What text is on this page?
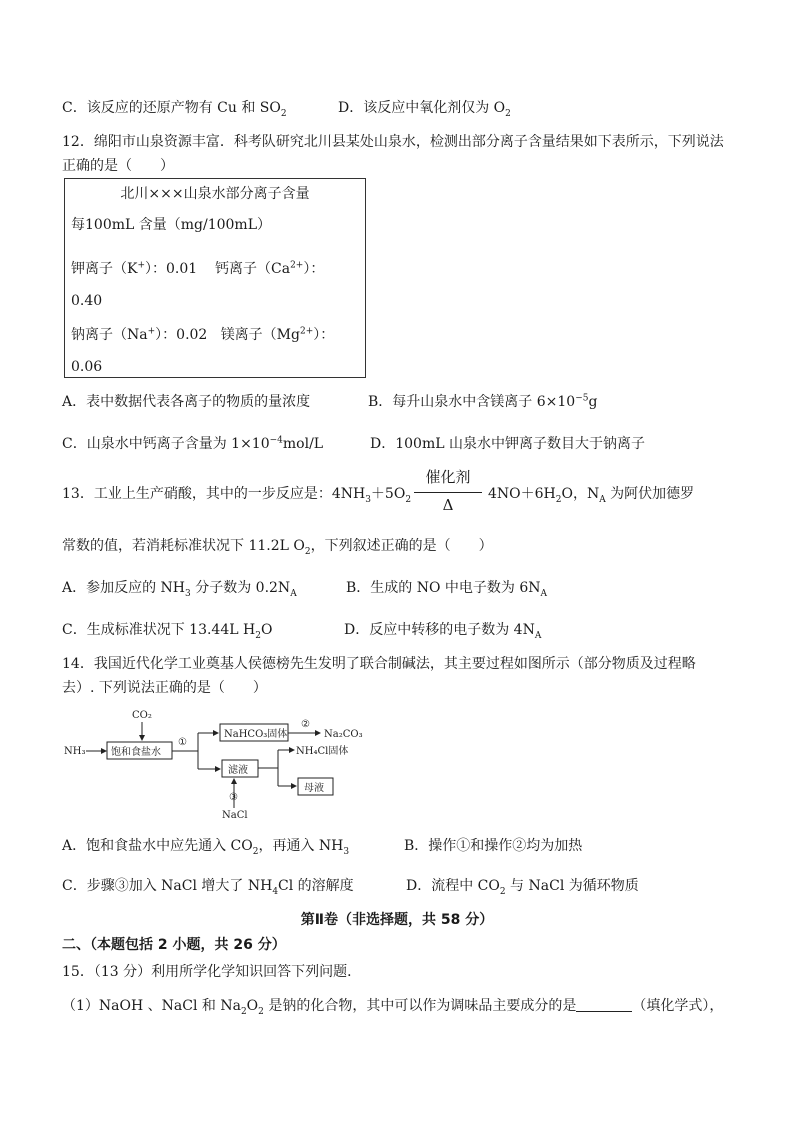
C．该反应的还原产物有 Cu 和 $SO_2$	D．该反应中氧化剂仅为 $O_2$
12．绵阳市山泉资源丰富．科考队研究北川县某处山泉水，检测出部分离子含量结果如下表所示，下列说法
正确的是（　　）
北川×××山泉水部分离子含量
每100mL 含量（mg/100mL）
钾离子（K+）：0.01 钙离子$(Ca^{2+})$：
0.40
钠离子（Na+）：0.02 镁离子$(Mg^{2+})$：
0.06
A．表中数据代表各离子的物质的量浓度	B．每升山泉水中含镁离子 $6\times 10^{-5}g$
C．山泉水中钙离子含量为 $1\times 10^{-4}mol/L$	D．100mL 山泉水中钾离子数目大于钠离子
13．工业上生产硝酸，其中的一步反应是：$4NH_3+5O_2$
催化剂
Δ
$4NO+6H_2O$，$N_A$ 为阿伏加德罗
常数的值，若消耗标准状况下 11.2L $O_2$，下列叙述正确的是（　　）
A．参加反应的 $NH_3$ 分子数为 $0.2N_A$	B．生成的 NO 中电子数为 $6N_A$
C．生成标准状况下 13.44L $H_2O$	D．反应中转移的电子数为 $4N_A$
14．我国近代化学工业奠基人侯德榜先生发明了联合制碱法，其主要过程如图所示（部分物质及过程略
去）. 下列说法正确的是（　　）
CO₂
NH₃	饱和食盐水
①
NaHCO₃固体
②
Na₂CO₃
滤液
NH₄Cl固体
母液
③
NaCl
A．饱和食盐水中应先通入 $CO_2$，再通入 $NH_3$	B．操作①和操作②均为加热
C．步骤③加入 NaCl 增大了 $NH_4Cl$ 的溶解度	D．流程中 $CO_2$ 与 NaCl 为循环物质
第Ⅱ卷（非选择题，共 58 分）
二、（本题包括 2 小题，共 26 分）
15．（13 分）利用所学化学知识回答下列问题．
（1）NaOH 、NaCl 和 $Na_2O_2$ 是钠的化合物，其中可以作为调味品主要成分的是	（填化学式），
